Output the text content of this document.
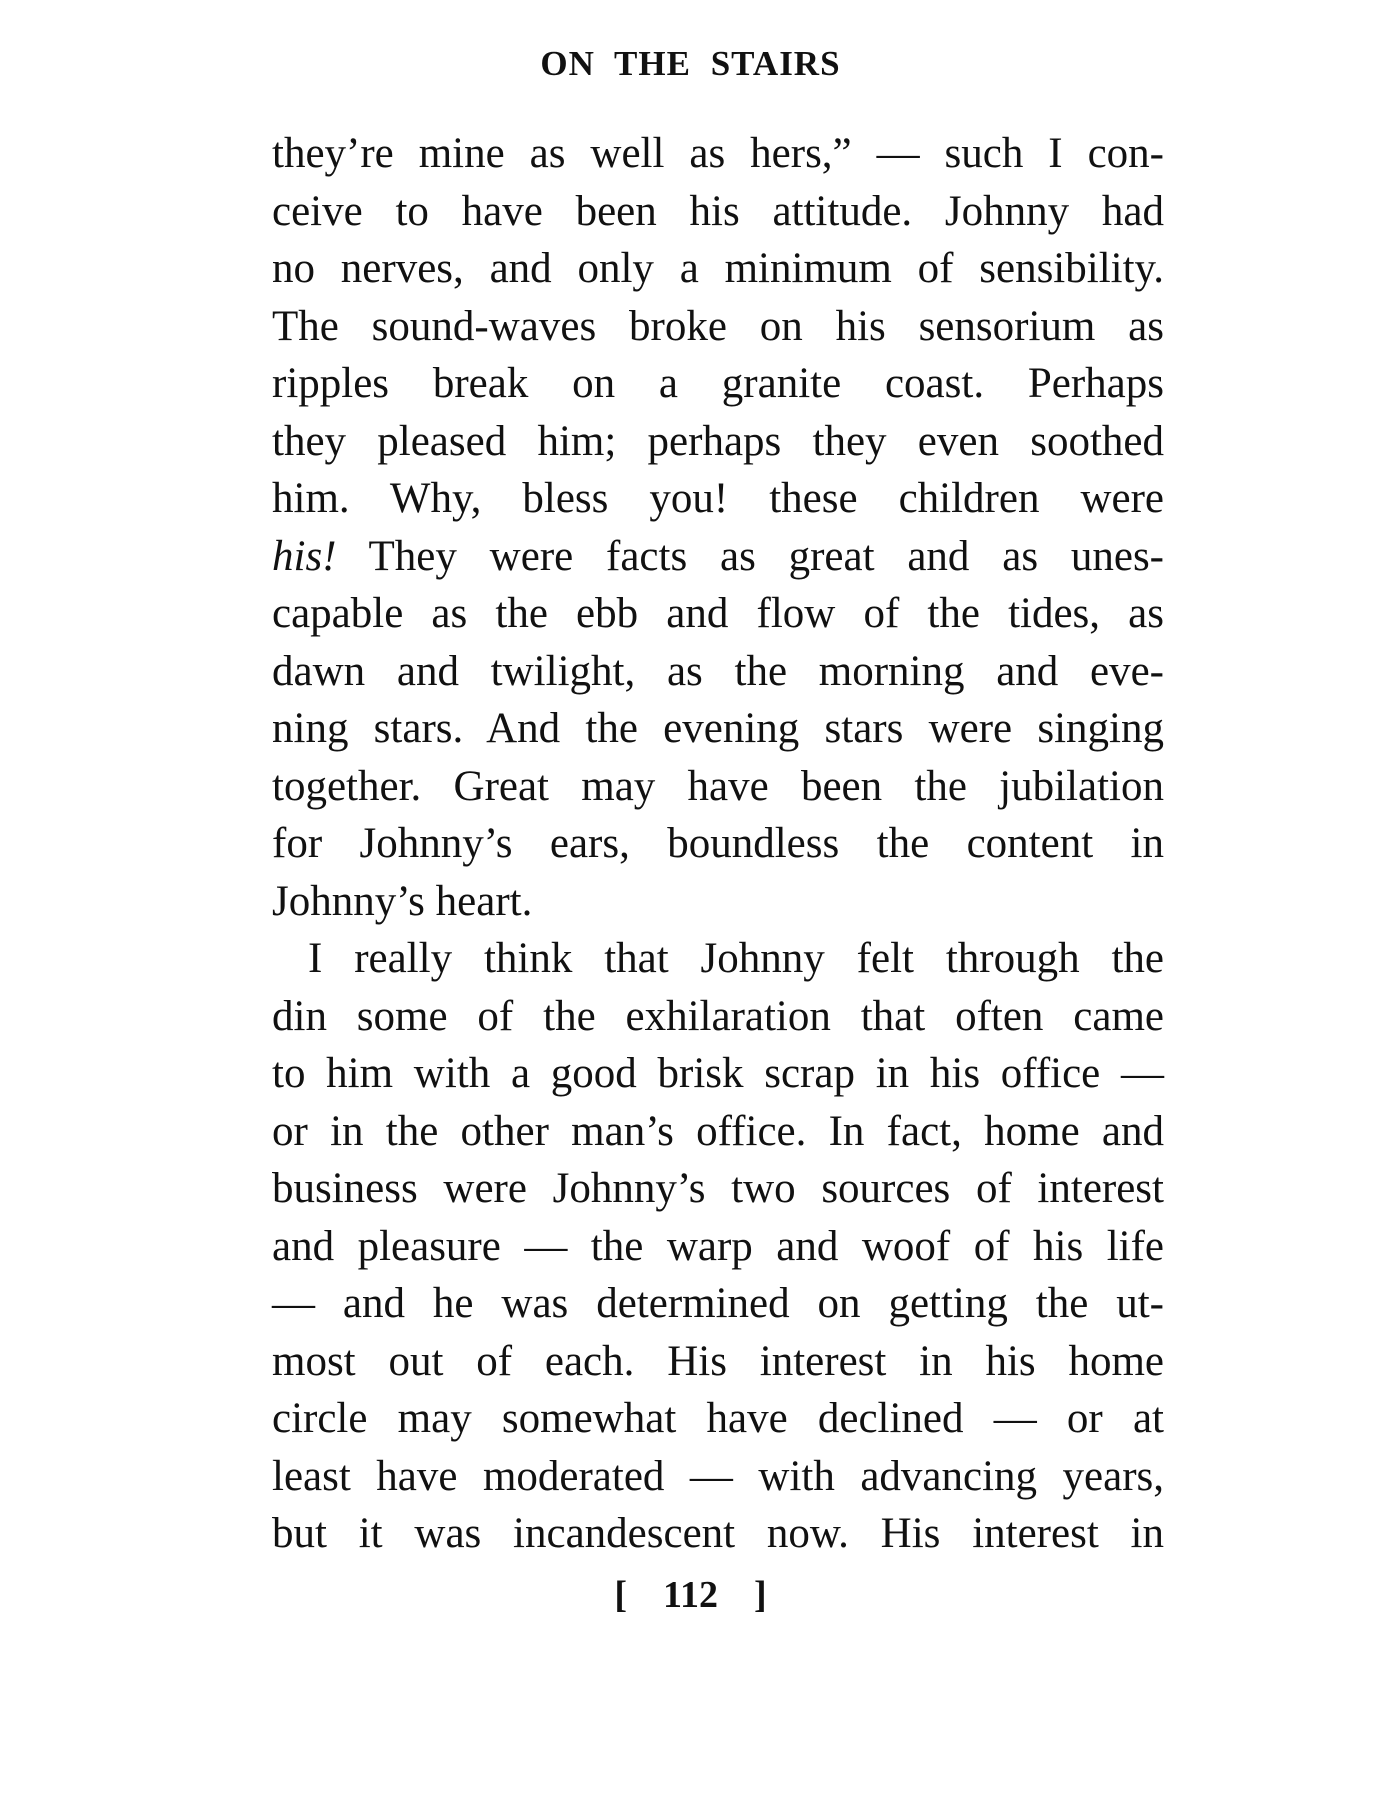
ON THE STAIRS
they’re mine as well as hers,” — such I con-
ceive to have been his attitude. Johnny had
no nerves, and only a minimum of sensibility.
The sound-waves broke on his sensorium as
ripples break on a granite coast. Perhaps
they pleased him; perhaps they even soothed
him. Why, bless you! these children were
his! They were facts as great and as unes-
capable as the ebb and flow of the tides, as
dawn and twilight, as the morning and eve-
ning stars. And the evening stars were singing
together. Great may have been the jubilation
for Johnny’s ears, boundless the content in
Johnny’s heart.
I really think that Johnny felt through the
din some of the exhilaration that often came
to him with a good brisk scrap in his office —
or in the other man’s office. In fact, home and
business were Johnny’s two sources of interest
and pleasure — the warp and woof of his life
— and he was determined on getting the ut-
most out of each. His interest in his home
circle may somewhat have declined — or at
least have moderated — with advancing years,
but it was incandescent now. His interest in
[ 112 ]
